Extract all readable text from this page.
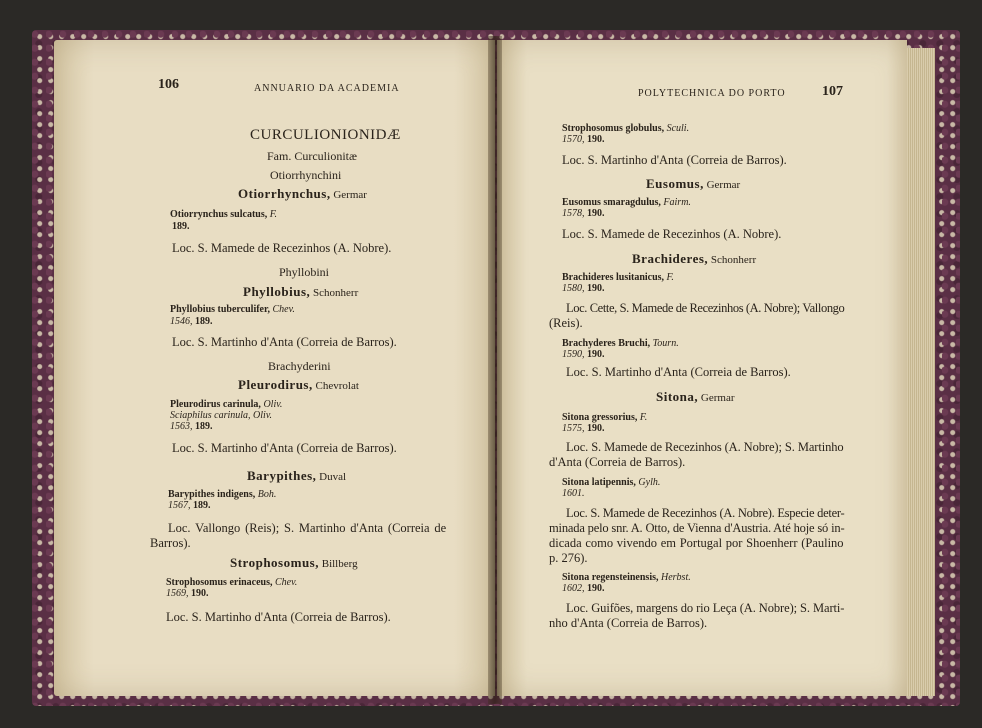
106	ANNUARIO DA ACADEMIA	POLYTECHNICA DO PORTO	107
CURCULIONIONIDÆ
Fam. Curculionitæ
Otiorrhynchini
Otiorrhynchus, Germar
Otiorrynchus sulcatus, F.
189.
Loc. S. Mamede de Recezinhos (A. Nobre).
Phyllobini
Phyllobius, Schonherr
Phyllobius tuberculifer, Chev.
1546, 189.
Loc. S. Martinho d'Anta (Correia de Barros).
Brachyderini
Pleurodirus, Chevrolat
Pleurodirus carinula, Oliv.
Sciaphilus carinula, Oliv.
1563, 189.
Loc. S. Martinho d'Anta (Correia de Barros).
Barypithes, Duval
Barypithes indigens, Boh.
1567, 189.
Loc. Vallongo (Reis); S. Martinho d'Anta (Correia de
Barros).
Strophosomus, Billberg
Strophosomus erinaceus, Chev.
1569, 190.
Loc. S. Martinho d'Anta (Correia de Barros).
Strophosomus globulus, Sculi.
1570, 190.
Loc. S. Martinho d'Anta (Correia de Barros).
Eusomus, Germar
Eusomus smaragdulus, Fairm.
1578, 190.
Loc. S. Mamede de Recezinhos (A. Nobre).
Brachideres, Schonherr
Brachideres lusitanicus, F.
1580, 190.
Loc. Cette, S. Mamede de Recezinhos (A. Nobre); Vallongo
(Reis).
Brachyderes Bruchi, Tourn.
1590, 190.
Loc. S. Martinho d'Anta (Correia de Barros).
Sitona, Germar
Sitona gressorius, F.
1575, 190.
Loc. S. Mamede de Recezinhos (A. Nobre); S. Martinho
d'Anta (Correia de Barros).
Sitona latipennis, Gylh.
1601.
Loc. S. Mamede de Recezinhos (A. Nobre). Especie deter-
minada pelo snr. A. Otto, de Vienna d'Austria. Até hoje só in-
dicada como vivendo em Portugal por Shoenherr (Paulino
p. 276).
Sitona regensteinensis, Herbst.
1602, 190.
Loc. Guifões, margens do rio Leça (A. Nobre); S. Marti-
nho d'Anta (Correia de Barros).
